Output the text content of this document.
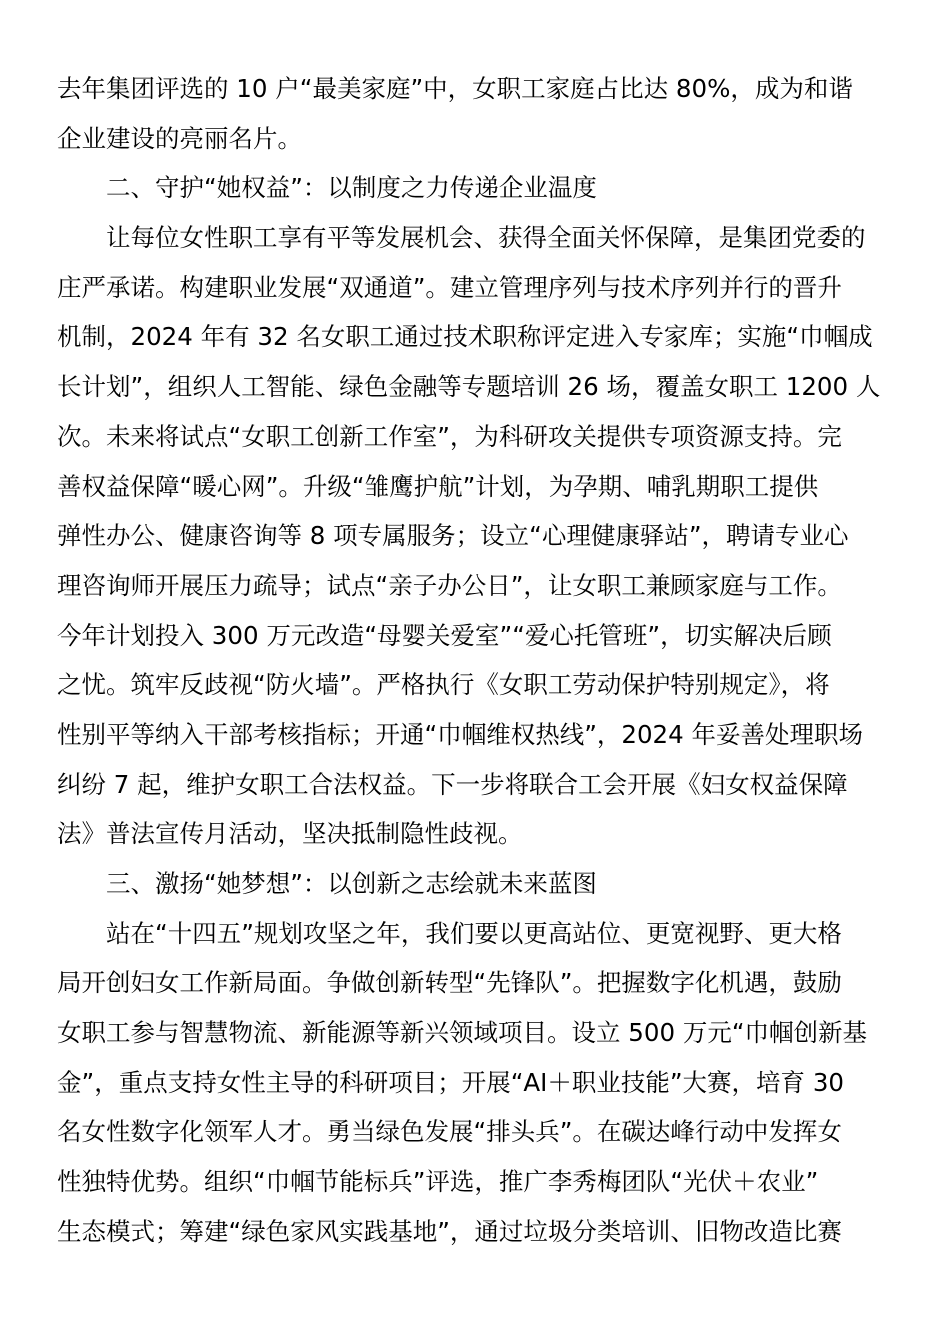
去年集团评选的 10 户“最美家庭”中，女职工家庭占比达 80%，成为和谐
企业建设的亮丽名片。
二、守护“她权益”：以制度之力传递企业温度
让每位女性职工享有平等发展机会、获得全面关怀保障，是集团党委的
庄严承诺。构建职业发展“双通道”。建立管理序列与技术序列并行的晋升
机制，2024 年有 32 名女职工通过技术职称评定进入专家库；实施“巾帼成
长计划”，组织人工智能、绿色金融等专题培训 26 场，覆盖女职工 1200 人
次。未来将试点“女职工创新工作室”，为科研攻关提供专项资源支持。完
善权益保障“暖心网”。升级“雏鹰护航”计划，为孕期、哺乳期职工提供
弹性办公、健康咨询等 8 项专属服务；设立“心理健康驿站”，聘请专业心
理咨询师开展压力疏导；试点“亲子办公日”，让女职工兼顾家庭与工作。
今年计划投入 300 万元改造“母婴关爱室”“爱心托管班”，切实解决后顾
之忧。筑牢反歧视“防火墙”。严格执行《女职工劳动保护特别规定》，将
性别平等纳入干部考核指标；开通“巾帼维权热线”，2024 年妥善处理职场
纠纷 7 起，维护女职工合法权益。下一步将联合工会开展《妇女权益保障
法》普法宣传月活动，坚决抵制隐性歧视。
三、激扬“她梦想”：以创新之志绘就未来蓝图
站在“十四五”规划攻坚之年，我们要以更高站位、更宽视野、更大格
局开创妇女工作新局面。争做创新转型“先锋队”。把握数字化机遇，鼓励
女职工参与智慧物流、新能源等新兴领域项目。设立 500 万元“巾帼创新基
金”，重点支持女性主导的科研项目；开展“AI＋职业技能”大赛，培育 30
名女性数字化领军人才。勇当绿色发展“排头兵”。在碳达峰行动中发挥女
性独特优势。组织“巾帼节能标兵”评选，推广李秀梅团队“光伏＋农业”
生态模式；筹建“绿色家风实践基地”，通过垃圾分类培训、旧物改造比赛
